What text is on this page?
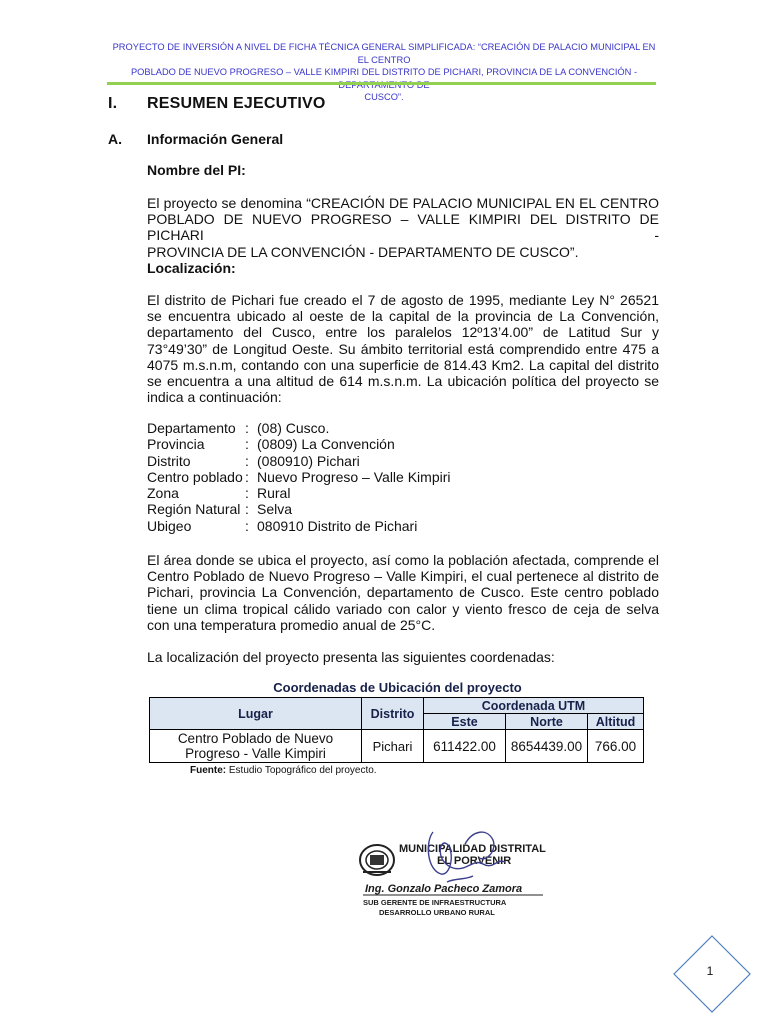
PROYECTO DE INVERSIÓN A NIVEL DE FICHA TÉCNICA GENERAL SIMPLIFICADA: “CREACIÓN DE PALACIO MUNICIPAL EN EL CENTRO
POBLADO DE NUEVO PROGRESO – VALLE KIMPIRI DEL DISTRITO DE PICHARI, PROVINCIA DE LA CONVENCIÓN -
CUSCO”.
I. RESUMEN EJECUTIVO
A. Información General
Nombre del PI:

El proyecto se denomina “CREACIÓN DE PALACIO MUNICIPAL EN EL CENTRO
POBLADO DE NUEVO PROGRESO – VALLE KIMPIRI DEL DISTRITO DE PICHARI -
PROVINCIA DE LA CONVENCIÓN - DEPARTAMENTO DE CUSCO”.

Localización:

El distrito de Pichari fue creado el 7 de agosto de 1995, mediante Ley N° 26521
se encuentra ubicado al oeste de la capital de la provincia de La Convención,
departamento del Cusco, entre los paralelos 12º13’4.00” de Latitud Sur y
73°49’30” de Longitud Oeste. Su ámbito territorial está comprendido entre 475 a
4075 m.s.n.m, contando con una superficie de 814.43 Km2. La capital del distrito
se encuentra a una altitud de 614 m.s.n.m. La ubicación política del proyecto se
indica a continuación:

Departamento : (08) Cusco.
Provincia	: (0809) La Convención
Distrito	: (080910) Pichari
Centro poblado : Nuevo Progreso – Valle Kimpiri
Zona	: Rural
Región Natural : Selva
Ubigeo	: 080910 Distrito de Pichari

El área donde se ubica el proyecto, así como la población afectada, comprende el
Centro Poblado de Nuevo Progreso – Valle Kimpiri, el cual pertenece al distrito de
Pichari, provincia La Convención, departamento de Cusco. Este centro poblado
tiene un clima tropical cálido variado con calor y viento fresco de ceja de selva
con una temperatura promedio anual de 25°C.

La localización del proyecto presenta las siguientes coordenadas:

Coordenadas de Ubicación del proyecto
Lugar	Distrito	Coordenada UTM		
		Este	Norte	Altitud

Centro Poblado de Nuevo
Progreso - Valle Kimpiri	Pichari	611422.00	8654439.00	766.00
Fuente: Estudio Topográfico del proyecto.
MUNICIPALIDAD DISTRITAL
EL PORVENIR
Ing. Gonzalo Pacheco Zamora
SUB GERENTE DE INFRAESTRUCTURA
DESARROLLO URBANO RURAL
1
